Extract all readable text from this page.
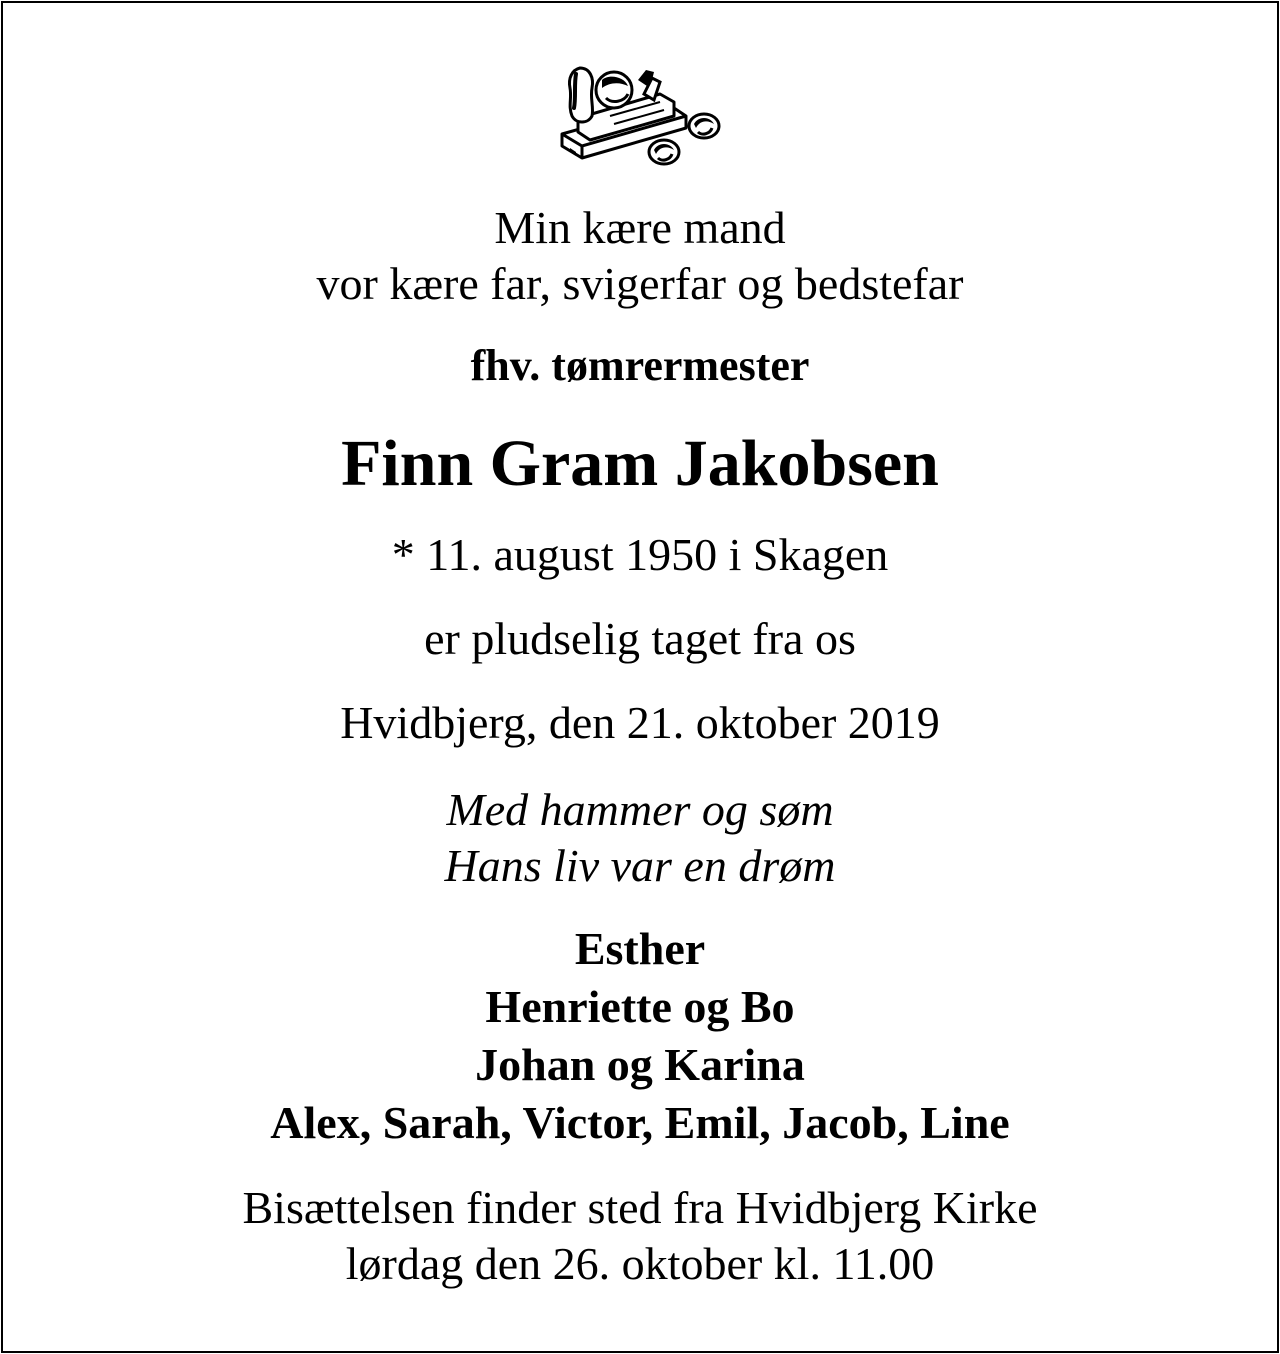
Min kære mand
vor kære far, svigerfar og bedstefar
fhv. tømrermester
Finn Gram Jakobsen
* 11. august 1950 i Skagen
er pludselig taget fra os
Hvidbjerg, den 21. oktober 2019
Med hammer og søm
Hans liv var en drøm
Esther
Henriette og Bo
Johan og Karina
Alex, Sarah, Victor, Emil, Jacob, Line
Bisættelsen finder sted fra Hvidbjerg Kirke
lørdag den 26. oktober kl. 11.00
